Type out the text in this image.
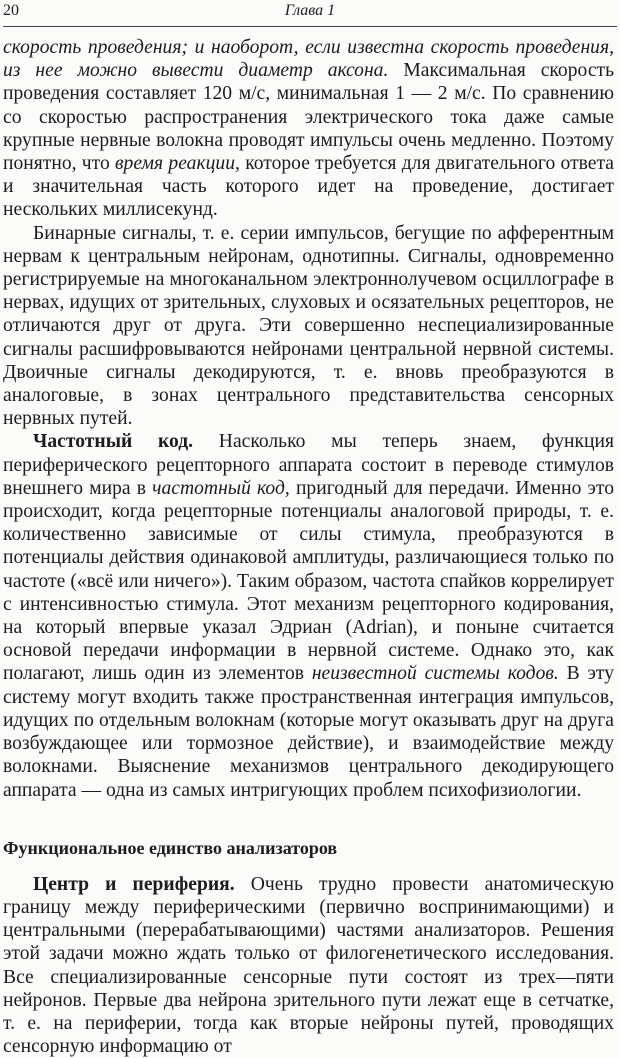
20	Глава 1

скорость проведения; и наоборот, если известна скорость проведения, из нее можно вывести диаметр аксона. Максимальная скорость проведения составляет 120 м/с, минимальная 1 — 2 м/с. По сравнению со скоростью распространения электрического тока даже самые крупные нервные волокна проводят импульсы очень медленно. Поэтому понятно, что время реакции, которое требуется для двигательного ответа и значительная часть которого идет на проведение, достигает нескольких миллисекунд.

Бинарные сигналы, т. е. серии импульсов, бегущие по афферентным нервам к центральным нейронам, однотипны. Сигналы, одновременно регистрируемые на многоканальном электроннолучевом осциллографе в нервах, идущих от зрительных, слуховых и осязательных рецепторов, не отличаются друг от друга. Эти совершенно неспециализированные сигналы расшифровываются нейронами центральной нервной системы. Двоичные сигналы декодируются, т. е. вновь преобразуются в аналоговые, в зонах центрального представительства сенсорных нервных путей.

Частотный код. Насколько мы теперь знаем, функция периферического рецепторного аппарата состоит в переводе стимулов внешнего мира в частотный код, пригодный для передачи. Именно это происходит, когда рецепторные потенциалы аналоговой природы, т. е. количественно зависимые от силы стимула, преобразуются в потенциалы действия одинаковой амплитуды, различающиеся только по частоте («всё или ничего»). Таким образом, частота спайков коррелирует с интенсивностью стимула. Этот механизм рецепторного кодирования, на который впервые указал Эдриан (Adrian), и поныне считается основой передачи информации в нервной системе. Однако это, как полагают, лишь один из элементов неизвестной системы кодов. В эту систему могут входить также пространственная интеграция импульсов, идущих по отдельным волокнам (которые могут оказывать друг на друга возбуждающее или тормозное действие), и взаимодействие между волокнами. Выяснение механизмов центрального декодирующего аппарата — одна из самых интригующих проблем психофизиологии.

Функциональное единство анализаторов

Центр и периферия. Очень трудно провести анатомическую границу между периферическими (первично воспринимающими) и центральными (перерабатывающими) частями анализаторов. Решения этой задачи можно ждать только от филогенетического исследования. Все специализированные сенсорные пути состоят из трех—пяти нейронов. Первые два нейрона зрительного пути лежат еще в сетчатке, т. е. на периферии, тогда как вторые нейроны путей, проводящих сенсорную информацию от
